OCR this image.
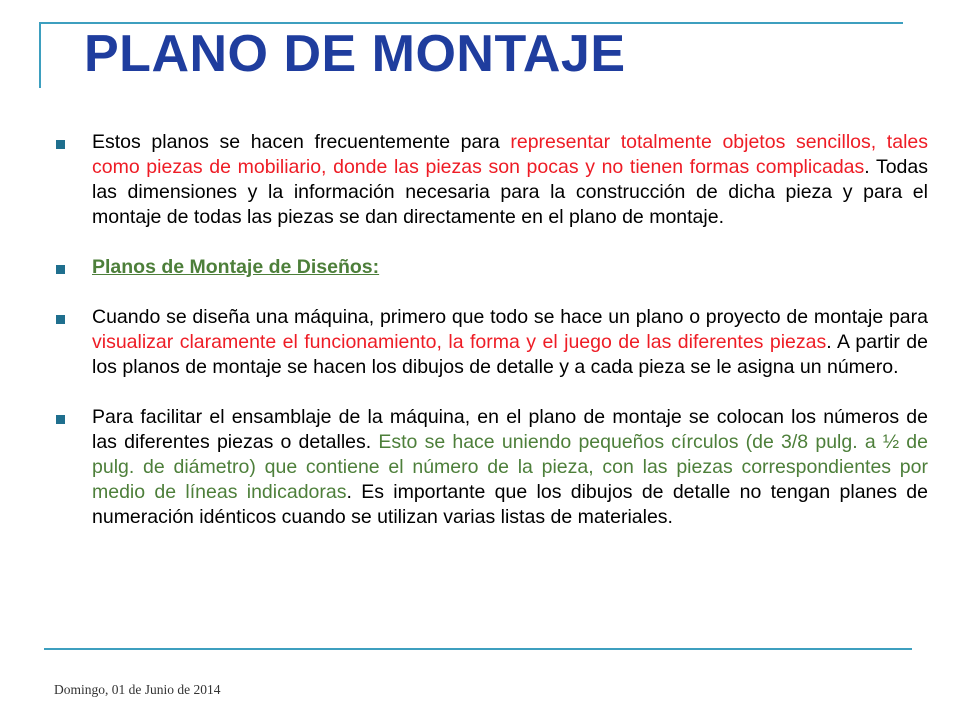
PLANO DE MONTAJE

Estos planos se hacen frecuentemente para representar totalmente objetos sencillos, tales como piezas de mobiliario, donde las piezas son pocas y no tienen formas complicadas. Todas las dimensiones y la información necesaria para la construcción de dicha pieza y para el montaje de todas las piezas se dan directamente en el plano de montaje.

Planos de Montaje de Diseños:

Cuando se diseña una máquina, primero que todo se hace un plano o proyecto de montaje para visualizar claramente el funcionamiento, la forma y el juego de las diferentes piezas. A partir de los planos de montaje se hacen los dibujos de detalle y a cada pieza se le asigna un número.

Para facilitar el ensamblaje de la máquina, en el plano de montaje se colocan los números de las diferentes piezas o detalles. Esto se hace uniendo pequeños círculos (de 3/8 pulg. a ½ de pulg. de diámetro) que contiene el número de la pieza, con las piezas correspondientes por medio de líneas indicadoras. Es importante que los dibujos de detalle no tengan planes de numeración idénticos cuando se utilizan varias listas de materiales.

Domingo, 01 de Junio de 2014
